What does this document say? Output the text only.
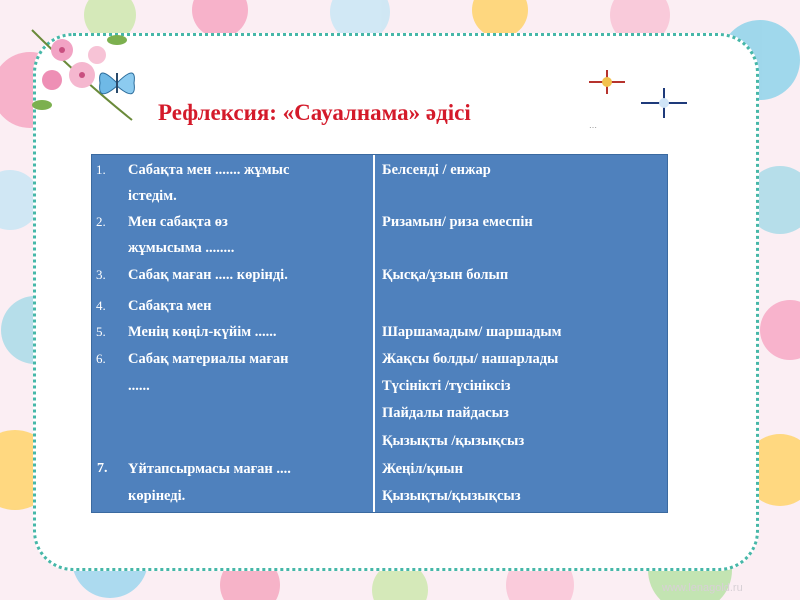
Рефлексия: «Сауалнама» әдісі
…
1. Сабақта мен ....... жұмыс
істедім.
2. Мен сабақта өз
жұмысыма ........
3. Сабақ маған ..... көрінді.
4. Сабақта мен
5. Менің көңіл-күйім ......
6. Сабақ материалы маған
......
7. Үйтапсырмасы маған ....
көрінеді.
Белсенді / енжар
Ризамын/ риза емеспін
Қысқа/ұзын болып
Шаршамадым/ шаршадым
Жақсы болды/ нашарлады
Түсінікті /түсініксіз
Пайдалы пайдасыз
Қызықты /қызықсыз
Жеңіл/қиын
Қызықты/қызықсыз
www.lenagold.ru
